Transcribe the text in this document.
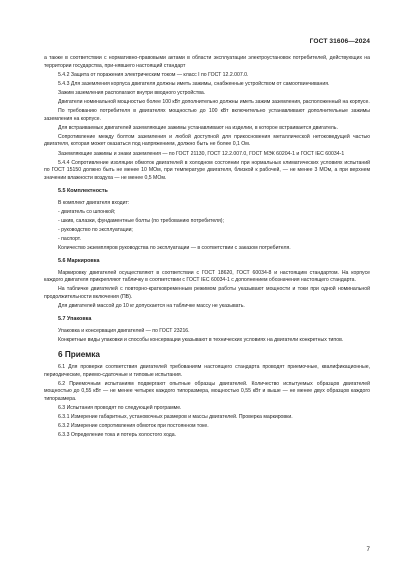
ГОСТ 31606—2024

а также в соответствии с нормативно-правовыми актами в области эксплуатации электроустановок потребителей, действующих на территории государства, при-нявшего настоящий стандарт

5.4.2 Защита от поражения электрическим током — класс I по ГОСТ 12.2.007.0.

5.4.3 Для заземления корпуса двигателя должны иметь зажимы, снабженные устройством от самоотвинчивания.

Зажим заземления располагают внутри вводного устройства.

Двигатели номинальной мощностью более 100 кВт дополнительно должны иметь зажим заземления, расположенный на корпусе.

По требованию потребителя в двигателях мощностью до 100 кВт включительно устанавливают дополнительные зажимы заземления на корпусе.

Для встраиваемых двигателей заземляющие зажимы устанавливают на изделии, в которое встраивается двигатель.

Сопротивление между болтом заземления и любой доступной для прикосновения металлической нетоковедущей частью двигателя, которая может оказаться под напряжением, должно быть не более 0,1 Ом.

Заземляющие зажимы и знаки заземления — по ГОСТ 21130, ГОСТ 12.2.007.0, ГОСТ МЭК 60204-1 и ГОСТ IEC 60034-1

5.4.4 Сопротивление изоляции обмоток двигателей в холодном состоянии при нормальных климатических условиях испытаний по ГОСТ 15150 должно быть не менее 10 МОм, при температуре двигателя, близкой к рабочей, — не менее 3 МОм, а при верхнем значении влажности воздуха — не менее 0,5 МОм.

5.5 Комплектность

В комплект двигателя входит:

- двигатель со шпонкой;

- шкив, салазки, фундаментные болты (по требованию потребителя);

- руководство по эксплуатации;

- паспорт.

Количество экземпляров руководства по эксплуатации — в соответствии с заказом потребителя.

5.6 Маркировка

Маркировку двигателей осуществляют в соответствии с ГОСТ 18620, ГОСТ 60034-8 и настоящим стандартом. На корпусе каждого двигателя прикрепляют табличку в соответствии с ГОСТ IEC 60034-1 с дополнением обозначения настоящего стандарта.

На табличке двигателей с повторно-кратковременным режимом работы указывают мощности и токи при одной номинальной продолжительности включения (ПВ).

Для двигателей массой до 10 кг допускается на табличке массу не указывать.

5.7 Упаковка

Упаковка и консервация двигателей — по ГОСТ 23216.

Конкретные виды упаковки и способы консервации указывают в технических условиях на двигатели конкретных типов.

6 Приемка

6.1 Для проверки соответствия двигателей требованиям настоящего стандарта проводят приемочные, квалификационные, периодические, приемо-сдаточные и типовые испытания.

6.2 Приемочным испытаниям подвергают опытные образцы двигателей. Количество испытуемых образцов двигателей мощностью до 0,55 кВт — не менее четырех каждого типоразмера, мощностью 0,55 кВт и выше — не менее двух образцов каждого типоразмера.

6.3 Испытания проводят по следующей программе.

6.3.1 Измерение габаритных, установочных размеров и массы двигателей. Проверка маркировки.

6.3.2 Измерение сопротивления обмоток при постоянном токе.

6.3.3 Определение тока и потерь холостого хода.

7
